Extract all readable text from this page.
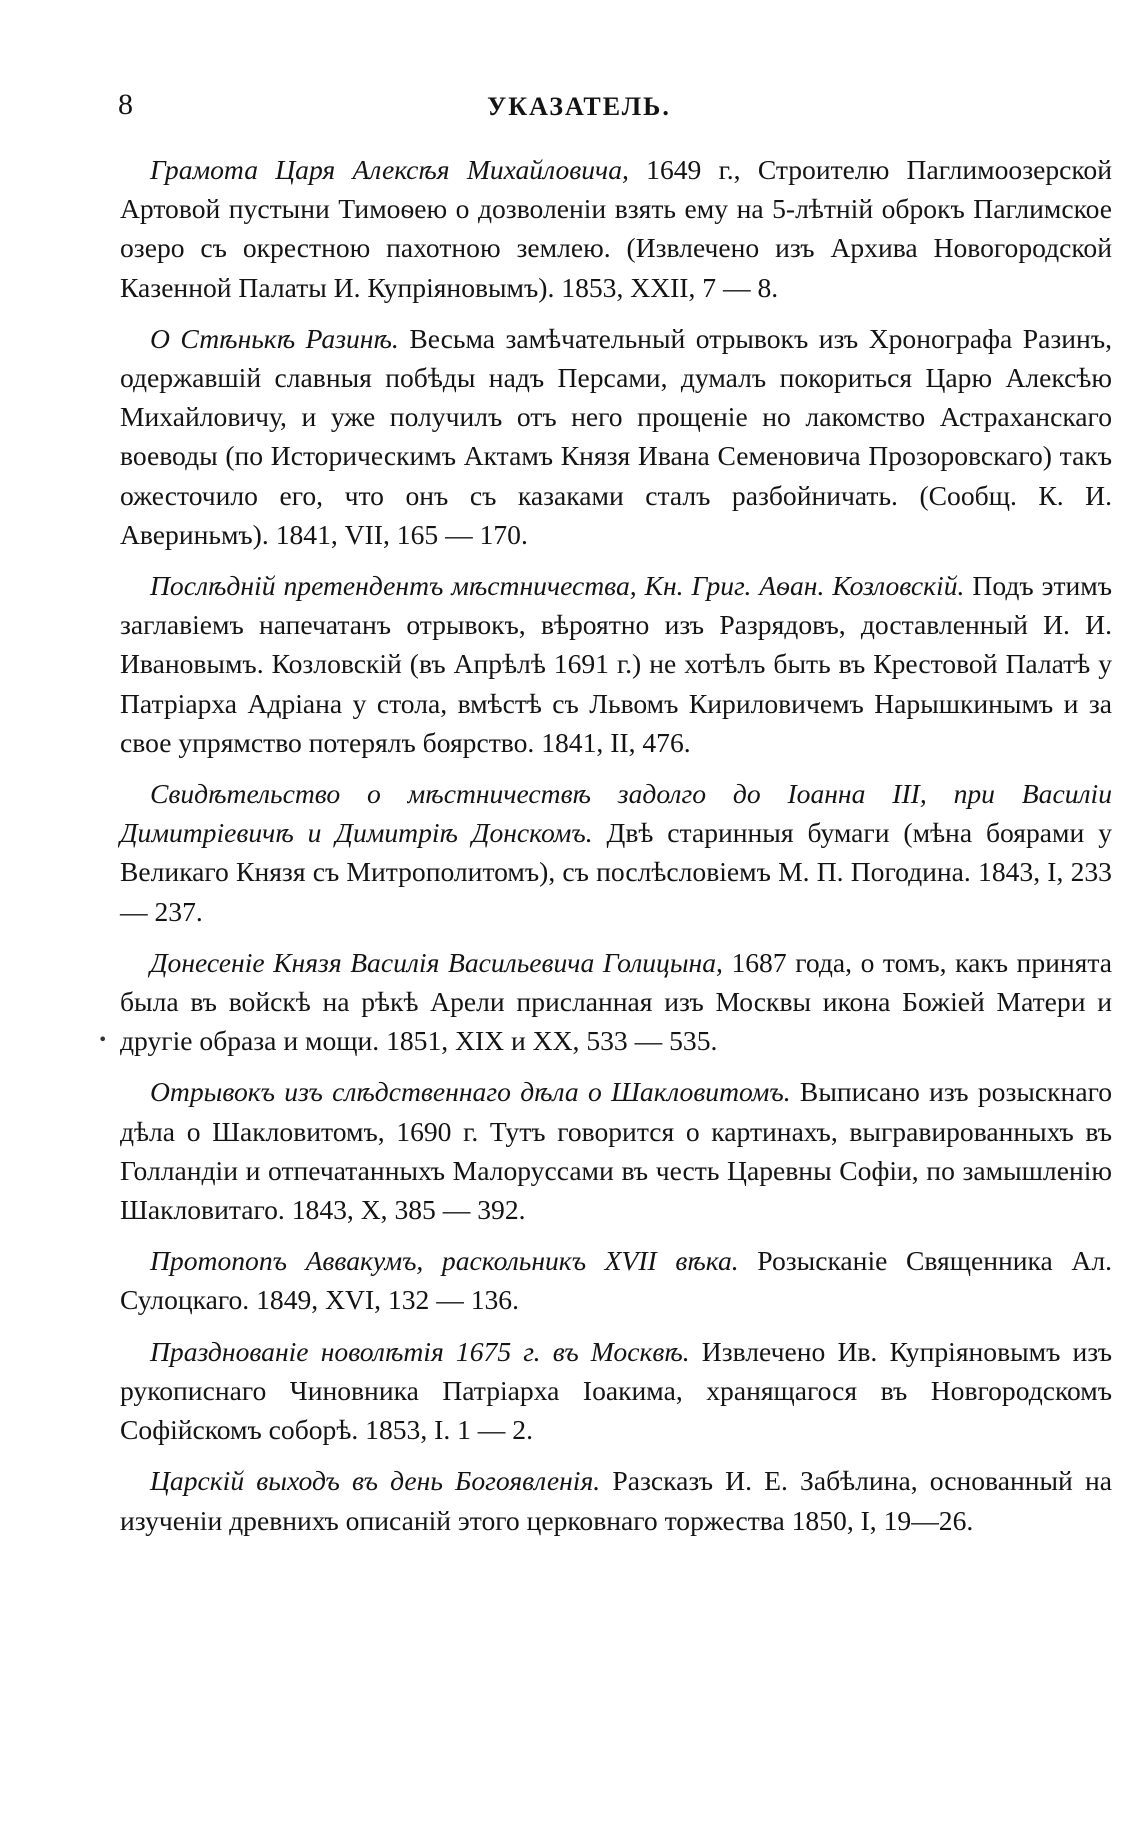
8	УКАЗАТЕЛЬ.
•

Грамота Царя Алексѣя Михайловича, 1649 г., Строителю Паглимоозерской Артовой пустыни Тимоѳею о дозволеніи взять ему на 5-лѣтній оброкъ Паглимское озеро съ окрестною пахотною землею. (Извлечено изъ Архива Новогородской Казенной Палаты И. Купріяновымъ). 1853, XXII, 7 — 8.

О Стѣнькѣ Разинѣ. Весьма замѣчательный отрывокъ изъ Хронографа Разинъ, одержавшій славныя побѣды надъ Персами, думалъ покориться Царю Алексѣю Михайловичу, и уже получилъ отъ него прощеніе но лакомство Астраханскаго воеводы (по Историческимъ Актамъ Князя Ивана Семеновича Прозоровскаго) такъ ожесточило его, что онъ съ казаками сталъ разбойничать. (Сообщ. К. И. Авериньмъ). 1841, VII, 165 — 170.

Послѣдній претендентъ мѣстничества, Кн. Григ. Аѳан. Козловскій. Подъ этимъ заглавіемъ напечатанъ отрывокъ, вѣроятно изъ Разрядовъ, доставленный И. И. Ивановымъ. Козловскій (въ Апрѣлѣ 1691 г.) не хотѣлъ быть въ Крестовой Палатѣ у Патріарха Адріана у стола, вмѣстѣ съ Львомъ Кириловичемъ Нарышкинымъ и за свое упрямство потерялъ боярство. 1841, II, 476.

Свидѣтельство о мѣстничествѣ задолго до Іоанна III, при Василіи Димитріевичѣ и Димитріѣ Донскомъ. Двѣ старинныя бумаги (мѣна боярами у Великаго Князя съ Митрополитомъ), съ послѣсловіемъ М. П. Погодина. 1843, I, 233 — 237.

Донесеніе Князя Василія Васильевича Голицына, 1687 года, о томъ, какъ принята была въ войскѣ на рѣкѣ Арели присланная изъ Москвы икона Божіей Матери и другіе образа и мощи. 1851, XIX и XX, 533 — 535.

Отрывокъ изъ слѣдственнаго дѣла о Шакловитомъ. Выписано изъ розыскнаго дѣла о Шакловитомъ, 1690 г. Тутъ говорится о картинахъ, выгравированныхъ въ Голландіи и отпечатанныхъ Малоруссами въ честь Царевны Софіи, по замышленію Шакловитаго. 1843, X, 385 — 392.

Протопопъ Аввакумъ, раскольникъ XVII вѣка. Розысканіе Священника Ал. Сулоцкаго. 1849, XVI, 132 — 136.

Празднованіе новолѣтія 1675 г. въ Москвѣ. Извлечено Ив. Купріяновымъ изъ рукописнаго Чиновника Патріарха Іоакима, хранящагося въ Новгородскомъ Софійскомъ соборѣ. 1853, I. 1 — 2.

Царскій выходъ въ день Богоявленія. Разсказъ И. Е. Забѣлина, основанный на изученіи древнихъ описаній этого церковнаго торжества 1850, I, 19—26.
